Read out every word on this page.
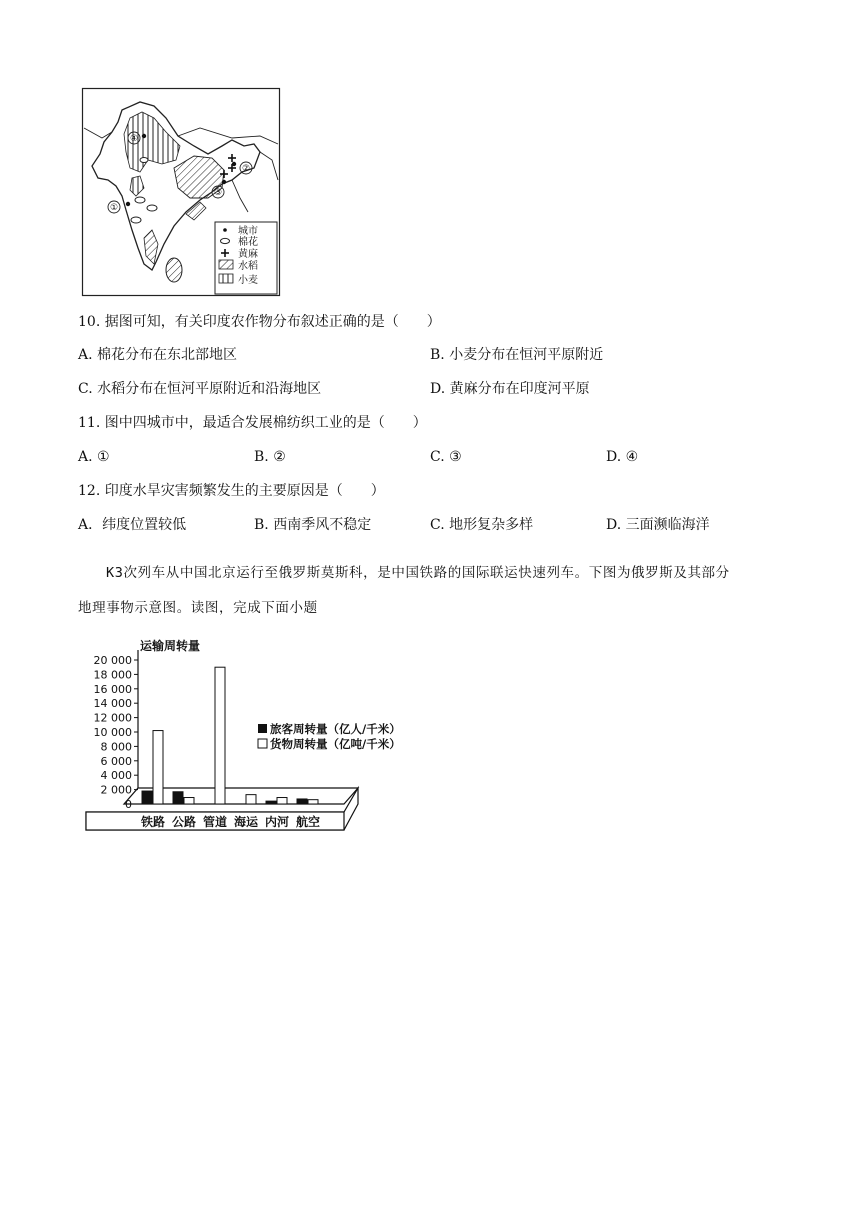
①
②
③
④
城市
棉花
黄麻
水稻
小麦
10. 据图可知，有关印度农作物分布叙述正确的是（　　）
A. 棉花分布在东北部地区	B. 小麦分布在恒河平原附近
C. 水稻分布在恒河平原附近和沿海地区	D. 黄麻分布在印度河平原
11. 图中四城市中，最适合发展棉纺织工业的是（　　）
A. ①	B. ②	C. ③	D. ④
12. 印度水旱灾害频繁发生的主要原因是（　　）
A．纬度位置较低	B. 西南季风不稳定	C. 地形复杂多样	D. 三面濒临海洋
K3次列车从中国北京运行至俄罗斯莫斯科，是中国铁路的国际联运快速列车。下图为俄罗斯及其部分
地理事物示意图。读图，完成下面小题
运输周转量
0
2 000
4 000
6 000
8 000
10 000
12 000
14 000
16 000
18 000
20 000
铁路 公路 管道 海运 内河 航空
旅客周转量（亿人/千米）
货物周转量（亿吨/千米）
